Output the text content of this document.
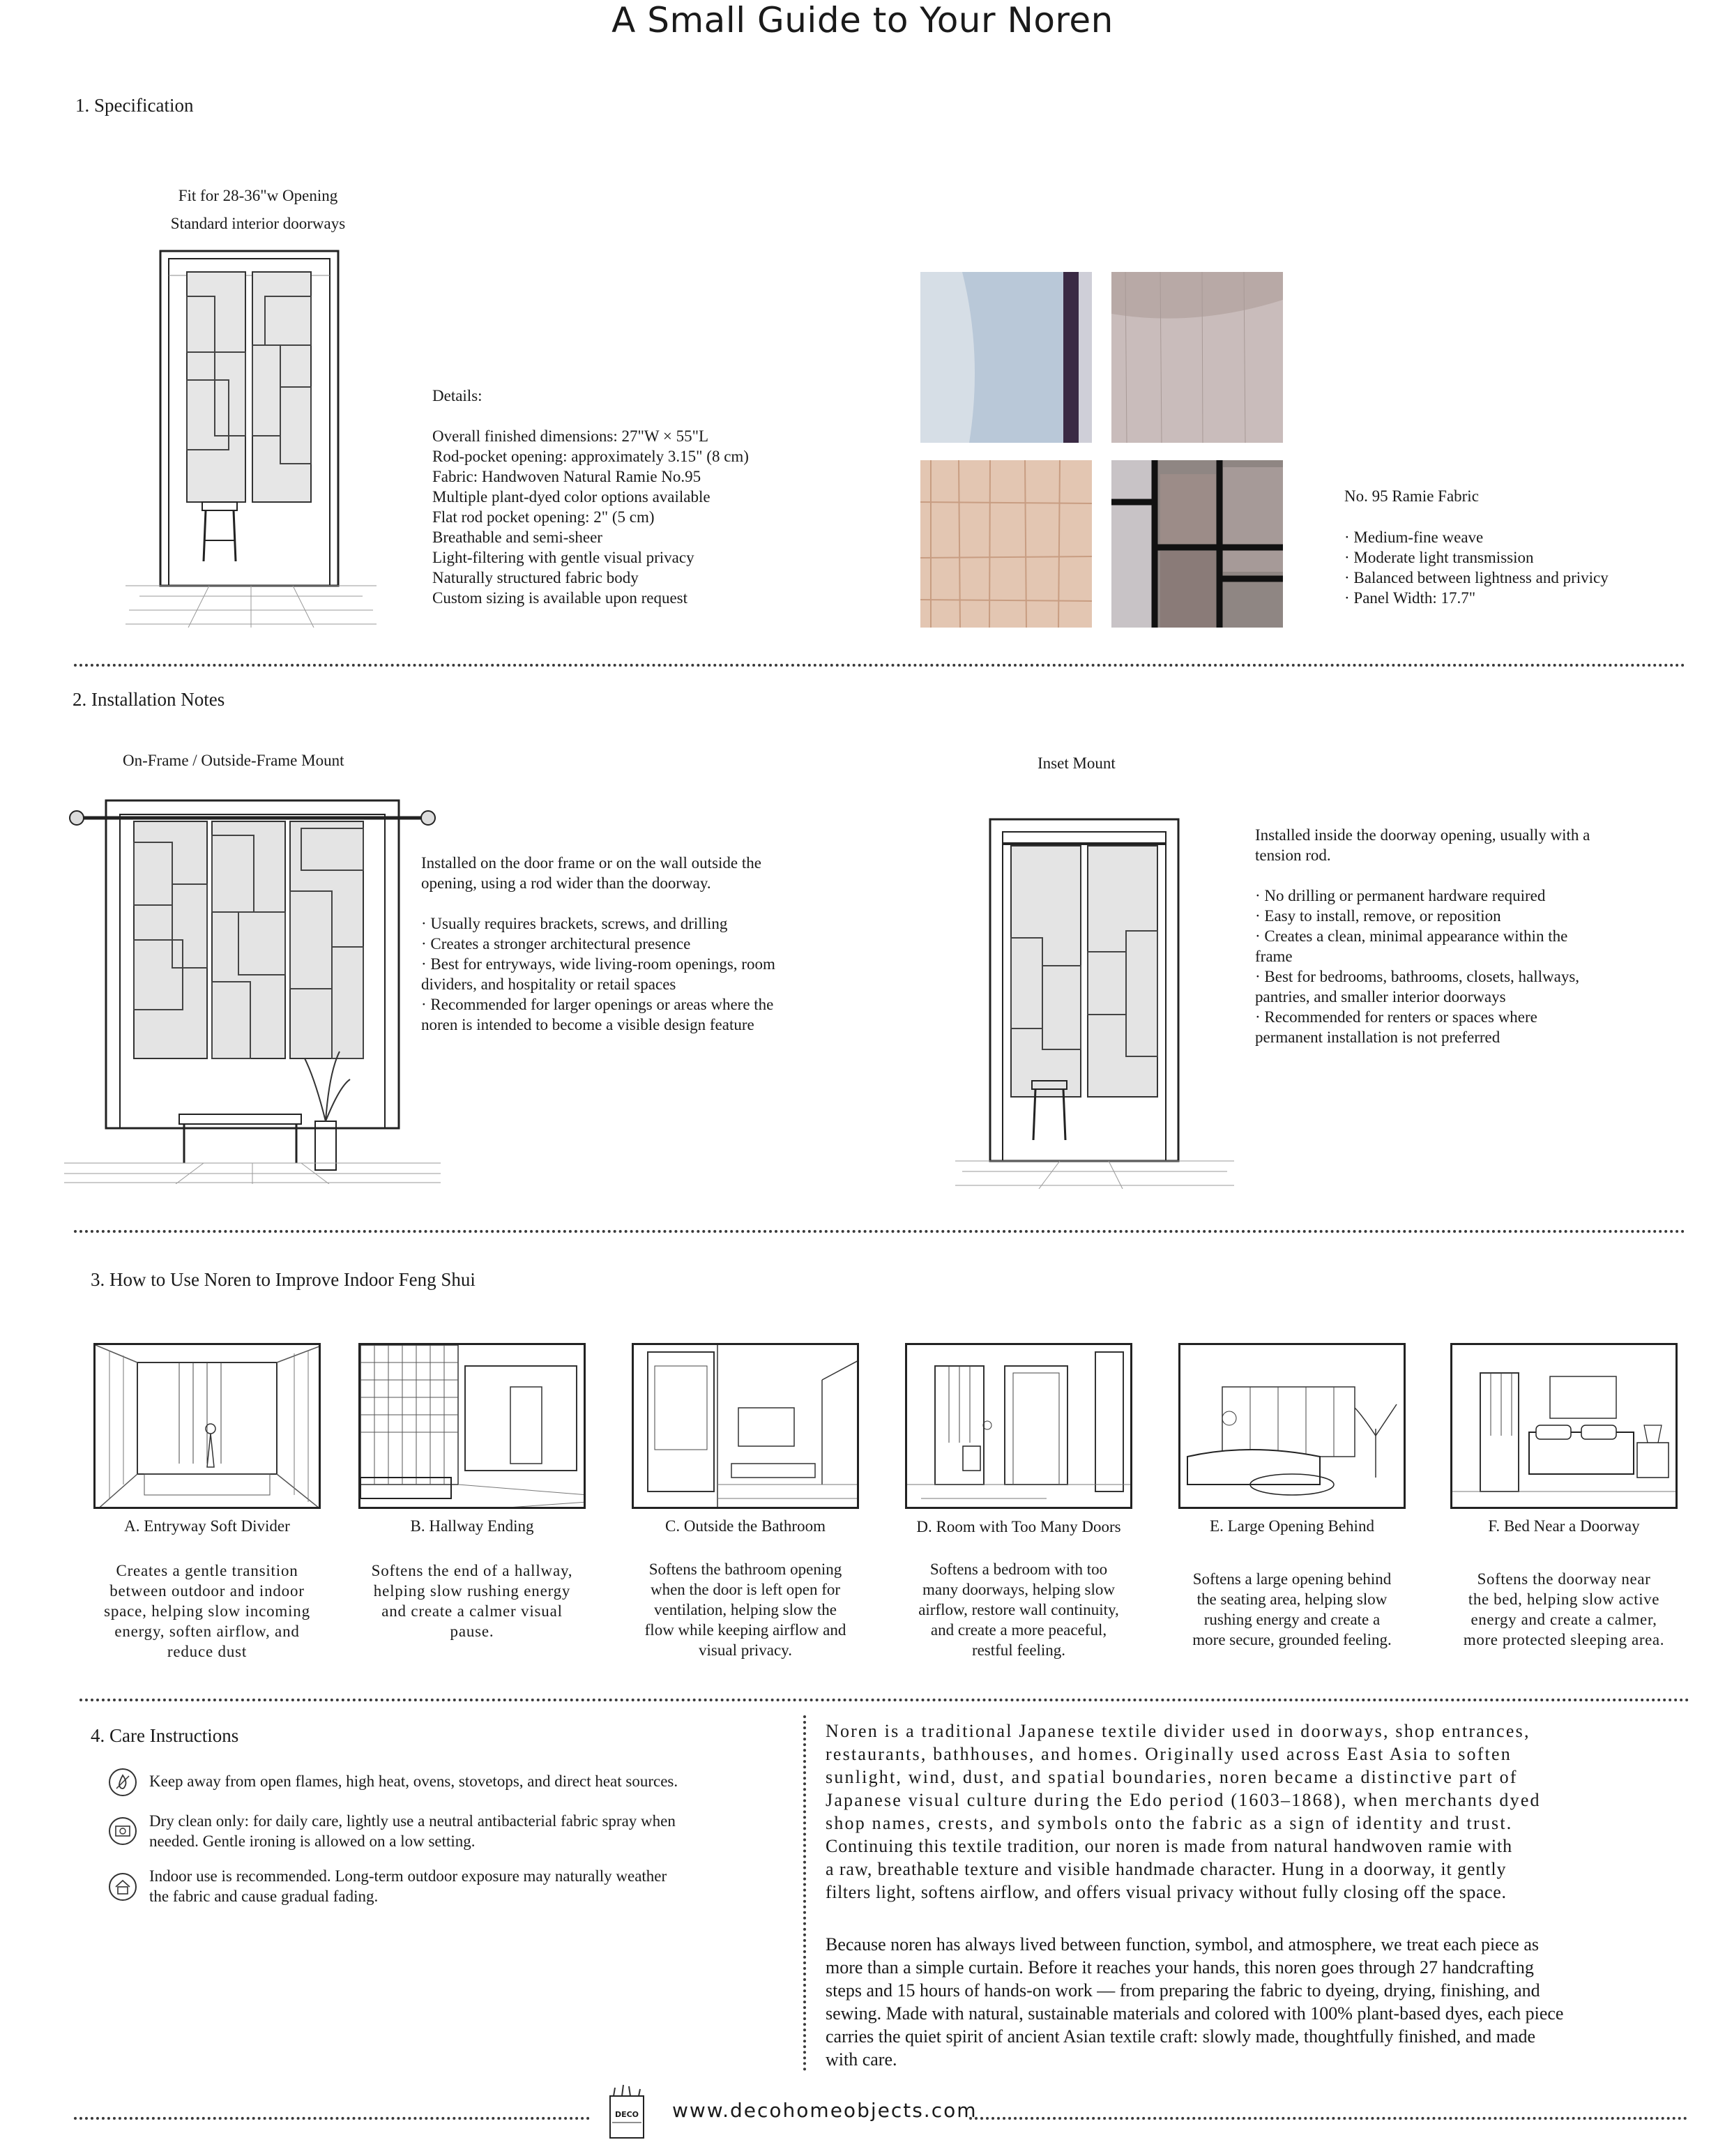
A Small Guide to Your Noren
1. Specification
Fit for 28-36"w Opening
Standard interior doorways
Details:
Overall finished dimensions: 27"W × 55"L
Rod-pocket opening: approximately 3.15" (8 cm)
Fabric: Handwoven Natural Ramie No.95
Multiple plant-dyed color options available
Flat rod pocket opening: 2" (5 cm)
Breathable and semi-sheer
Light-filtering with gentle visual privacy
Naturally structured fabric body
Custom sizing is available upon request
No. 95 Ramie Fabric
· Medium-fine weave
· Moderate light transmission
· Balanced between lightness and privicy
· Panel Width: 17.7"
2. Installation Notes
On-Frame / Outside-Frame Mount	Inset Mount
Installed on the door frame or on the wall outside the
opening, using a rod wider than the doorway.
· Usually requires brackets, screws, and drilling
· Creates a stronger architectural presence
· Best for entryways, wide living-room openings, room
dividers, and hospitality or retail spaces
· Recommended for larger openings or areas where the
noren is intended to become a visible design feature
Installed inside the doorway opening, usually with a
tension rod.
· No drilling or permanent hardware required
· Easy to install, remove, or reposition
· Creates a clean, minimal appearance within the
frame
· Best for bedrooms, bathrooms, closets, hallways,
pantries, and smaller interior doorways
· Recommended for renters or spaces where
permanent installation is not preferred
3. How to Use Noren to Improve Indoor Feng Shui
A. Entryway Soft Divider	B. Hallway Ending	C. Outside the Bathroom	D. Room with Too Many Doors	E. Large Opening Behind	F. Bed Near a Doorway
Creates a gentle transition
between outdoor and indoor
space, helping slow incoming
energy, soften airflow, and
reduce dust
Softens the end of a hallway,
helping slow rushing energy
and create a calmer visual
pause.
Softens the bathroom opening
when the door is left open for
ventilation, helping slow the
flow while keeping airflow and
visual privacy.
Softens a bedroom with too
many doorways, helping slow
airflow, restore wall continuity,
and create a more peaceful,
restful feeling.
Softens a large opening behind
the seating area, helping slow
rushing energy and create a
more secure, grounded feeling.
Softens the doorway near
the bed, helping slow active
energy and create a calmer,
more protected sleeping area.
4. Care Instructions
Keep away from open flames, high heat, ovens, stovetops, and direct heat sources.
Dry clean only: for daily care, lightly use a neutral antibacterial fabric spray when
needed. Gentle ironing is allowed on a low setting.
Indoor use is recommended. Long-term outdoor exposure may naturally weather
the fabric and cause gradual fading.
Noren is a traditional Japanese textile divider used in doorways, shop entrances,
restaurants, bathhouses, and homes. Originally used across East Asia to soften
sunlight, wind, dust, and spatial boundaries, noren became a distinctive part of
Japanese visual culture during the Edo period (1603–1868), when merchants dyed
shop names, crests, and symbols onto the fabric as a sign of identity and trust.
Continuing this textile tradition, our noren is made from natural handwoven ramie with
a raw, breathable texture and visible handmade character. Hung in a doorway, it gently
filters light, softens airflow, and offers visual privacy without fully closing off the space.
Because noren has always lived between function, symbol, and atmosphere, we treat each piece as
more than a simple curtain. Before it reaches your hands, this noren goes through 27 handcrafting
steps and 15 hours of hands-on work — from preparing the fabric to dyeing, drying, finishing, and
sewing. Made with natural, sustainable materials and colored with 100% plant-based dyes, each piece
carries the quiet spirit of ancient Asian textile craft: slowly made, thoughtfully finished, and made
with care.
DECO www.decohomeobjects.com
